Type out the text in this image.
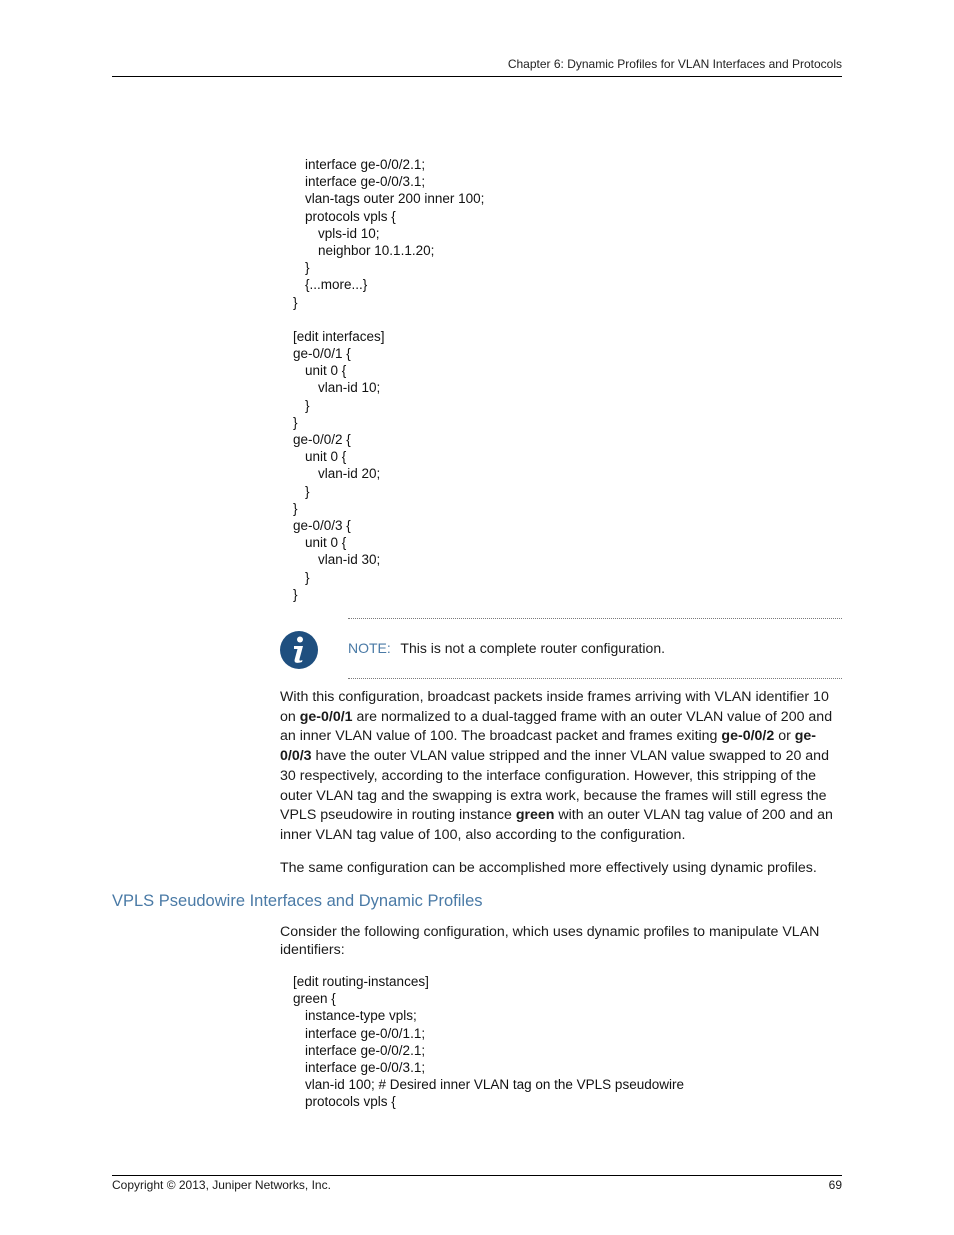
Chapter 6: Dynamic Profiles for VLAN Interfaces and Protocols
interface ge-0/0/2.1;
interface ge-0/0/3.1;
vlan-tags outer 200 inner 100;
protocols vpls {
vpls-id 10;
neighbor 10.1.1.20;
}
{...more...}
}
[edit interfaces]
ge-0/0/1 {
unit 0 {
vlan-id 10;
}
}
ge-0/0/2 {
unit 0 {
vlan-id 20;
}
}
ge-0/0/3 {
unit 0 {
vlan-id 30;
}
}
NOTE: This is not a complete router configuration.

With this configuration, broadcast packets inside frames arriving with VLAN identifier 10 on ge-0/0/1 are normalized to a dual-tagged frame with an outer VLAN value of 200 and an inner VLAN value of 100. The broadcast packet and frames exiting ge-0/0/2 or ge-0/0/3 have the outer VLAN value stripped and the inner VLAN value swapped to 20 and 30 respectively, according to the interface configuration. However, this stripping of the outer VLAN tag and the swapping is extra work, because the frames will still egress the VPLS pseudowire in routing instance green with an outer VLAN tag value of 200 and an inner VLAN tag value of 100, also according to the configuration.

The same configuration can be accomplished more effectively using dynamic profiles.

VPLS Pseudowire Interfaces and Dynamic Profiles

Consider the following configuration, which uses dynamic profiles to manipulate VLAN identifiers:

[edit routing-instances]
green {
instance-type vpls;
interface ge-0/0/1.1;
interface ge-0/0/2.1;
interface ge-0/0/3.1;
vlan-id 100; # Desired inner VLAN tag on the VPLS pseudowire
protocols vpls {
Copyright © 2013, Juniper Networks, Inc.	69
